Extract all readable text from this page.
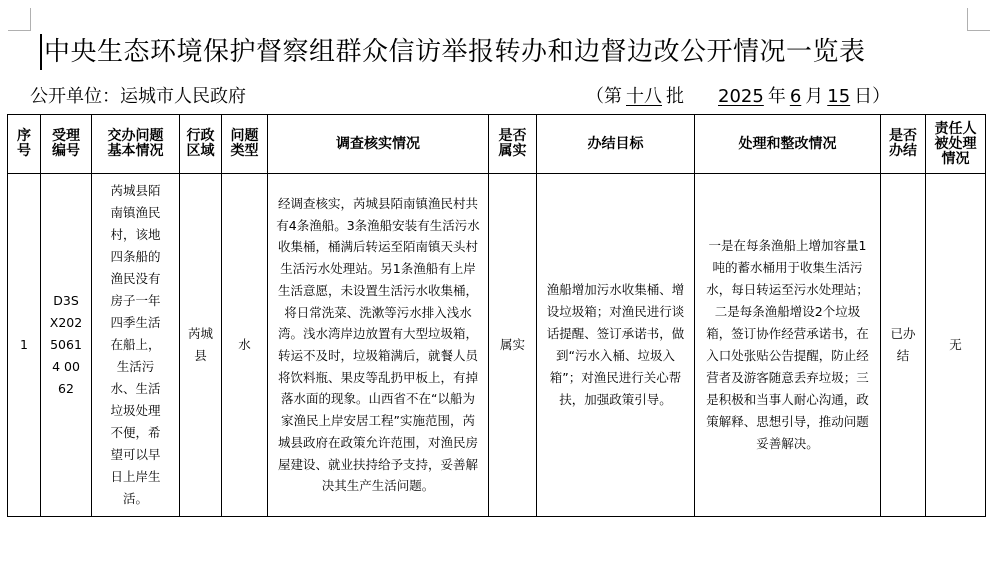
中央生态环境保护督察组群众信访举报转办和边督边改公开情况一览表
公开单位：运城市人民政府	（第 十八 批 2025 年 6 月 15 日）
序号	受理编号	交办问题基本情况	行政区域	问题类型	调查核实情况	是否属实	办结目标	处理和整改情况	是否办结	责任人被处理情况

1	D3SX20250614 0062	芮城县陌南镇渔民村，该地四条船的渔民没有房子一年四季生活在船上，生活污水、生活垃圾处理不便，希望可以早日上岸生活。	芮城县	水	经调查核实，芮城县陌南镇渔民村共有4条渔船。3条渔船安装有生活污水收集桶，桶满后转运至陌南镇天头村生活污水处理站。另1条渔船有上岸生活意愿，未设置生活污水收集桶，将日常洗菜、洗漱等污水排入浅水湾。浅水湾岸边放置有大型垃圾箱，转运不及时，垃圾箱满后，就餐人员将饮料瓶、果皮等乱扔甲板上，有掉落水面的现象。山西省不在“以船为家渔民上岸安居工程”实施范围，芮城县政府在政策允许范围，对渔民房屋建设、就业扶持给予支持，妥善解决其生产生活问题。	属实	渔船增加污水收集桶、增设垃圾箱；对渔民进行谈话提醒、签订承诺书，做到“污水入桶、垃圾入箱”；对渔民进行关心帮扶，加强政策引导。	一是在每条渔船上增加容量1吨的蓄水桶用于收集生活污水，每日转运至污水处理站；二是每条渔船增设2个垃圾箱，签订协作经营承诺书，在入口处张贴公告提醒，防止经营者及游客随意丢弃垃圾；三是积极和当事人耐心沟通，政策解释、思想引导，推动问题妥善解决。	已办结	无
